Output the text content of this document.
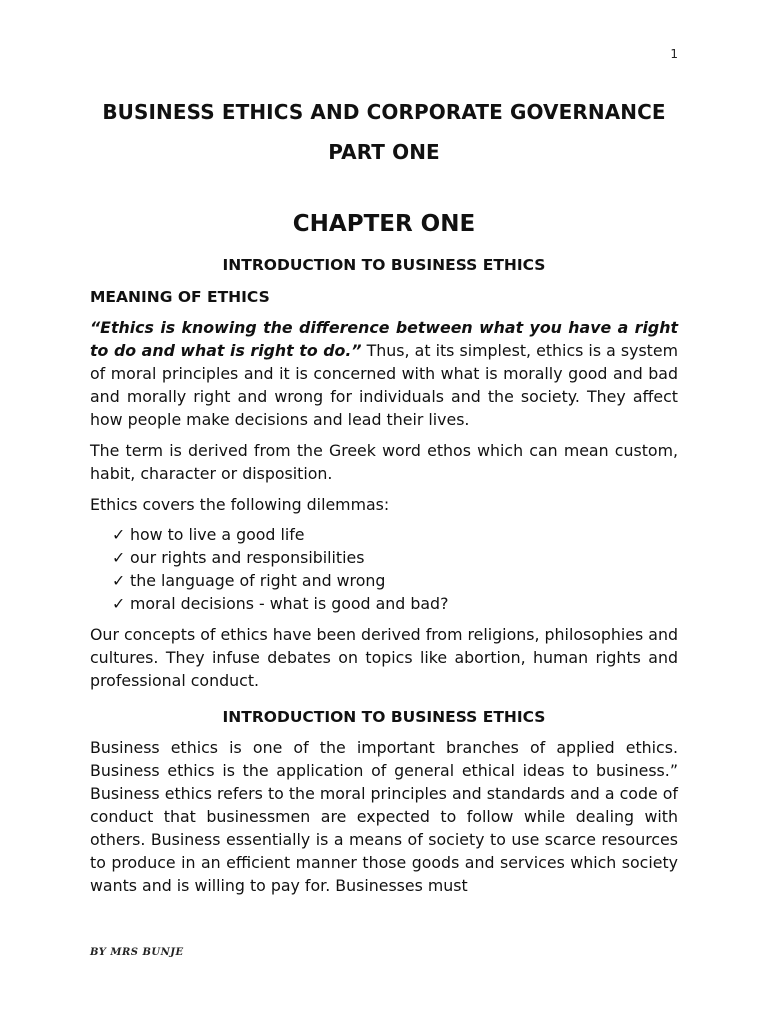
1
BUSINESS ETHICS AND CORPORATE GOVERNANCE
PART ONE
CHAPTER ONE
INTRODUCTION TO BUSINESS ETHICS
MEANING OF ETHICS

“Ethics is knowing the difference between what you have a right to do and what is right to do.” Thus, at its simplest, ethics is a system of moral principles and it is concerned with what is morally good and bad and morally right and wrong for individuals and the society. They affect how people make decisions and lead their lives.

The term is derived from the Greek word ethos which can mean custom, habit, character or disposition.

Ethics covers the following dilemmas:

✓ how to live a good life
✓ our rights and responsibilities
✓ the language of right and wrong
✓ moral decisions - what is good and bad?

Our concepts of ethics have been derived from religions, philosophies and cultures. They infuse debates on topics like abortion, human rights and professional conduct.

INTRODUCTION TO BUSINESS ETHICS

Business ethics is one of the important branches of applied ethics. Business ethics is the application of general ethical ideas to business.” Business ethics refers to the moral principles and standards and a code of conduct that businessmen are expected to follow while dealing with others. Business essentially is a means of society to use scarce resources to produce in an efficient manner those goods and services which society wants and is willing to pay for. Businesses must

BY MRS BUNJE
